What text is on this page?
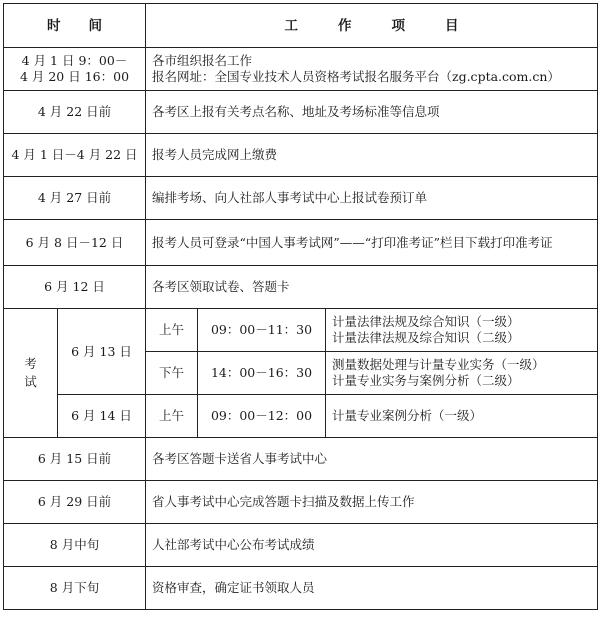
时 间		工 作 项 目		

4 月 1 日 9：00－
4 月 20 日 16：00		各市组织报名工作
报名网址：全国专业技术人员资格考试报名服务平台（zg.cpta.com.cn）		

4 月 22 日前		各考区上报有关考点名称、地址及考场标准等信息项		

4 月 1 日－4 月 22 日		报考人员完成网上缴费		

4 月 27 日前		编排考场、向人社部人事考试中心上报试卷预订单		

6 月 8 日－12 日		报考人员可登录“中国人事考试网”——“打印准考证”栏目下载打印准考证		

6 月 12 日		各考区领取试卷、答题卡		

考
试	6 月 13 日	上午	09：00－11：30	计量法律法规及综合知识（一级）
计量法律法规及综合知识（二级）

		下午	14：00－16：30	测量数据处理与计量专业实务（一级）
计量专业实务与案例分析（二级）

	6 月 14 日	上午	09：00－12：00	计量专业案例分析（一级）
6 月 15 日前		各考区答题卡送省人事考试中心		
6 月 29 日前		省人事考试中心完成答题卡扫描及数据上传工作		
8 月中旬		人社部考试中心公布考试成绩		
8 月下旬		资格审查，确定证书领取人员		
